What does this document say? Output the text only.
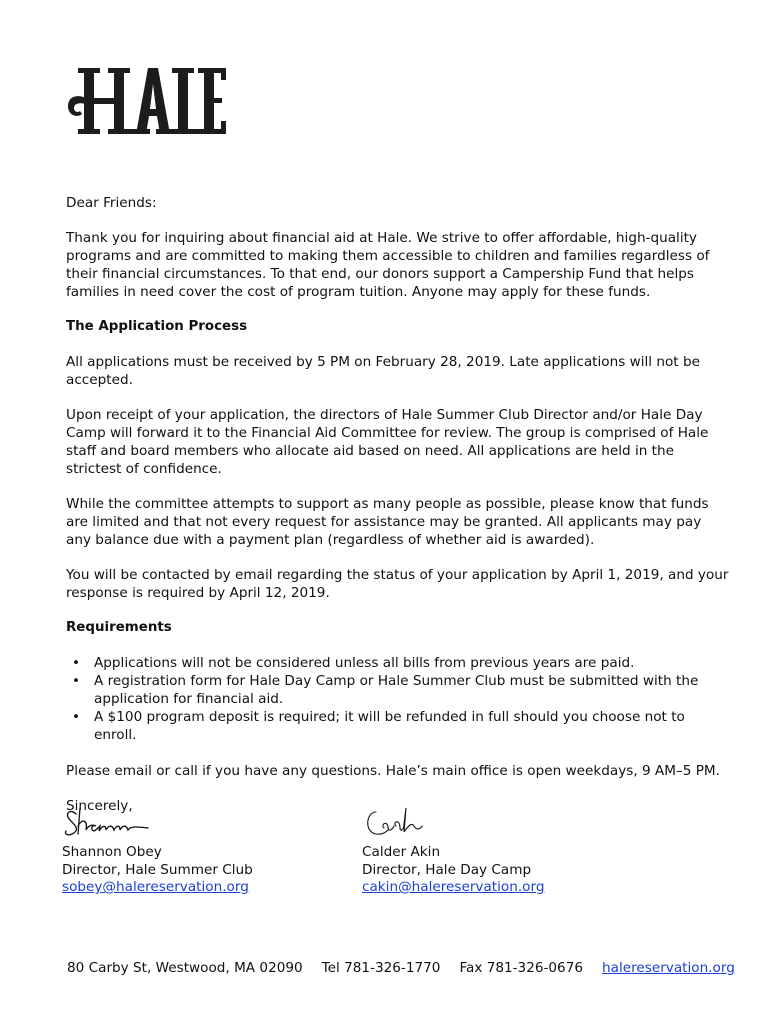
Dear Friends:

Thank you for inquiring about financial aid at Hale. We strive to offer affordable, high-quality programs and are committed to making them accessible to children and families regardless of their financial circumstances. To that end, our donors support a Campership Fund that helps families in need cover the cost of program tuition. Anyone may apply for these funds.

The Application Process

All applications must be received by 5 PM on February 28, 2019. Late applications will not be accepted.

Upon receipt of your application, the directors of Hale Summer Club Director and/or Hale Day Camp will forward it to the Financial Aid Committee for review. The group is comprised of Hale staff and board members who allocate aid based on need. All applications are held in the strictest of confidence.

While the committee attempts to support as many people as possible, please know that funds are limited and that not every request for assistance may be granted. All applicants may pay any balance due with a payment plan (regardless of whether aid is awarded).

You will be contacted by email regarding the status of your application by April 1, 2019, and your response is required by April 12, 2019.

Requirements

• Applications will not be considered unless all bills from previous years are paid.
• A registration form for Hale Day Camp or Hale Summer Club must be submitted with the application for financial aid.
• A $100 program deposit is required; it will be refunded in full should you choose not to enroll.

Please email or call if you have any questions. Hale’s main office is open weekdays, 9 AM–5 PM.

Sincerely,

Shannon Obey
Director, Hale Summer Club
sobey@halereservation.org
Calder Akin
Director, Hale Day Camp
cakin@halereservation.org
80 Carby St, Westwood, MA 02090 Tel 781-326-1770 Fax 781-326-0676 halereservation.org
